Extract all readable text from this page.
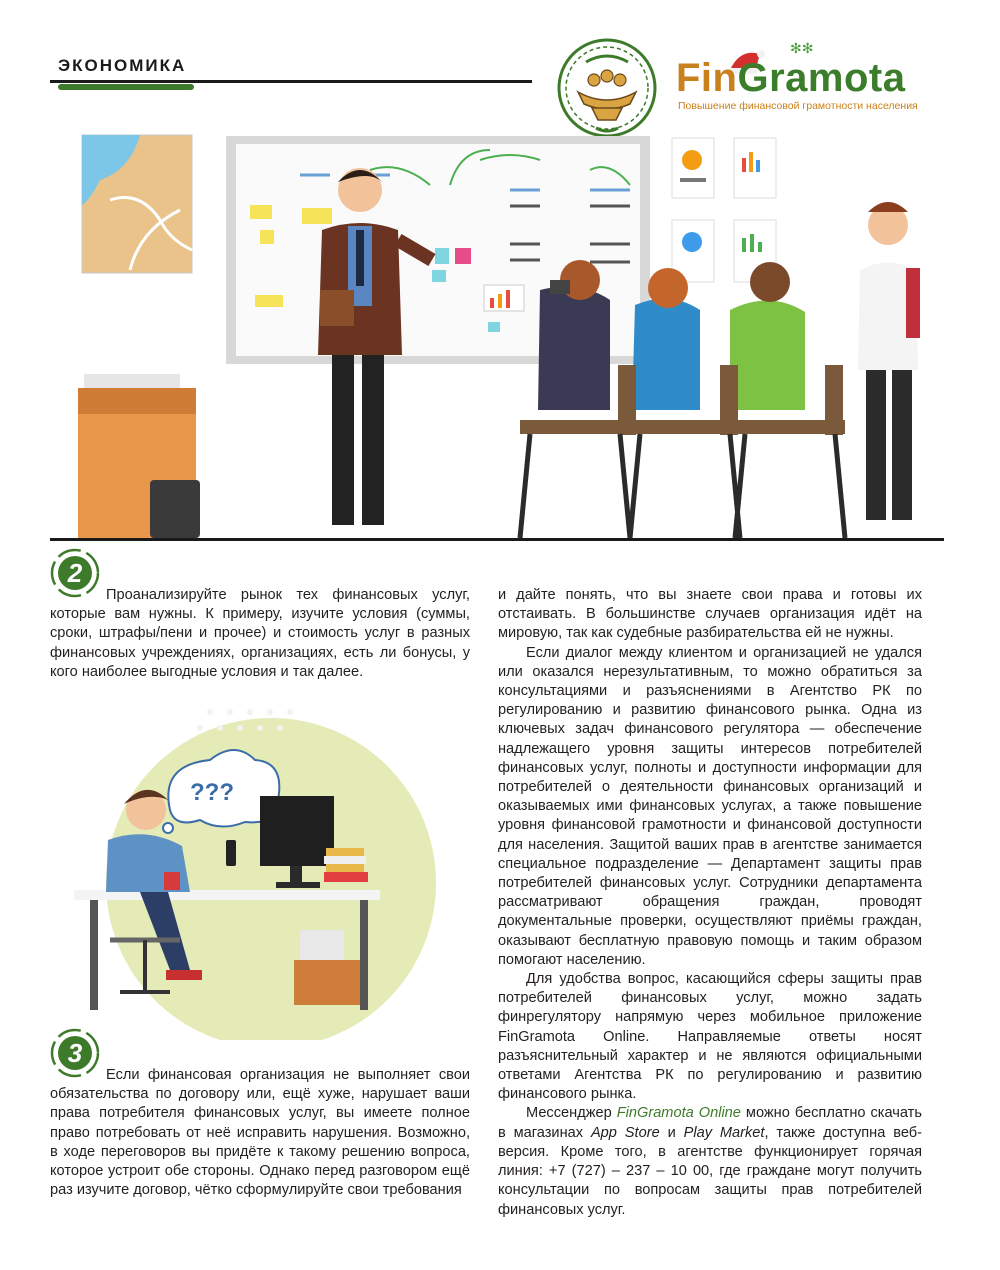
ЭКОНОМИКА
✻✻
FinGramota
Повышение финансовой грамотности населения
2

Проанализируйте рынок тех финансовых услуг, которые вам нужны. К примеру, изучите условия (суммы, сроки, штрафы/пени и прочее) и стоимость услуг в разных финансовых учреждениях, организациях, есть ли бонусы, у кого наиболее выгодные условия и так далее.

???
3

Если финансовая организация не выполняет свои обязательства по договору или, ещё хуже, нарушает ваши права потребителя финансовых услуг, вы имеете полное право потребовать от неё исправить нарушения. Возможно, в ходе переговоров вы придёте к такому решению вопроса, которое устроит обе стороны. Однако перед разговором ещё раз изучите договор, чётко сформулируйте свои требования

и дайте понять, что вы знаете свои права и готовы их отстаивать. В большинстве случаев организация идёт на мировую, так как судебные разбирательства ей не нужны.

Если диалог между клиентом и организацией не удался или оказался нерезультативным, то можно обратиться за консультациями и разъяснениями в Агентство РК по регулированию и развитию финансового рынка. Одна из ключевых задач финансового регулятора — обеспечение надлежащего уровня защиты интересов потребителей финансовых услуг, полноты и доступности информации для потребителей о деятельности финансовых организаций и оказываемых ими финансовых услугах, а также повышение уровня финансовой грамотности и финансовой доступности для населения. Защитой ваших прав в агентстве занимается специальное подразделение — Департамент защиты прав потребителей финансовых услуг. Сотрудники департамента рассматривают обращения граждан, проводят документальные проверки, осуществляют приёмы граждан, оказывают бесплатную правовую помощь и таким образом помогают населению.

Для удобства вопрос, касающийся сферы защиты прав потребителей финансовых услуг, можно задать финрегулятору напрямую через мобильное приложение FinGramota Online. Направляемые ответы носят разъяснительный характер и не являются официальными ответами Агентства РК по регулированию и развитию финансового рынка.

Мессенджер FinGramota Online можно бесплатно скачать в магазинах App Store и Play Market, также доступна веб-версия. Кроме того, в агентстве функционирует горячая линия: +7 (727) – 237 – 10 00, где граждане могут получить консультации по вопросам защиты прав потребителей финансовых услуг.
